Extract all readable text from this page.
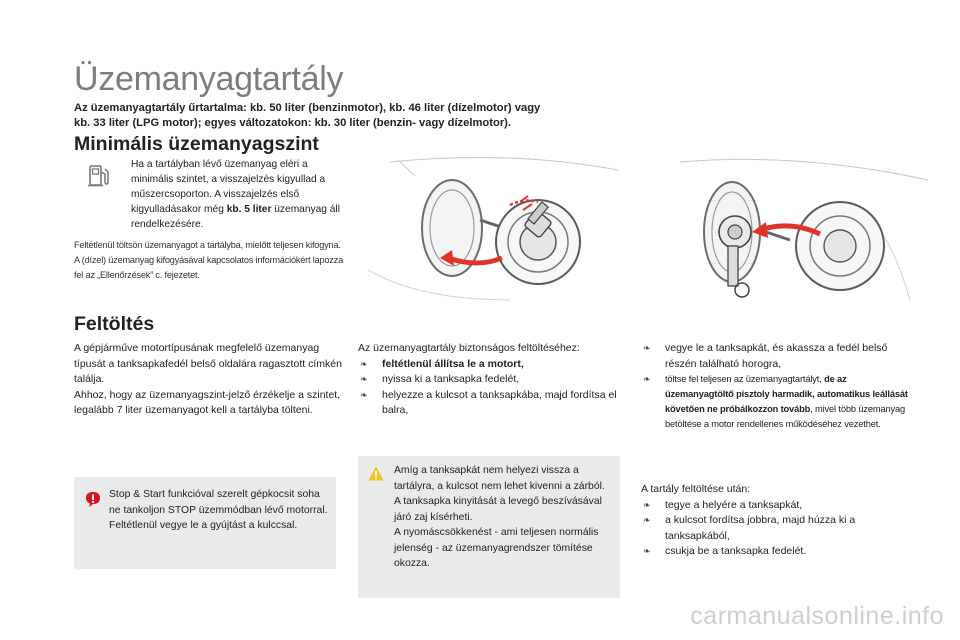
Üzemanyagtartály
Az üzemanyagtartály űrtartalma: kb. 50 liter (benzinmotor), kb. 46 liter (dízelmotor) vagy
kb. 33 liter (LPG motor); egyes változatokon: kb. 30 liter (benzin- vagy dízelmotor).
Minimális üzemanyagszint
Ha a tartályban lévő üzemanyag eléri a minimális szintet, a visszajelzés kigyullad a műszercsoporton. A visszajelzés első kigyulladásakor még kb. 5 liter üzemanyag áll rendelkezésére.
Feltétlenül töltsön üzemanyagot a tartályba, mielőtt teljesen kifogyna.
A (dízel) üzemanyag kifogyásával kapcsolatos információkért lapozza fel az „Ellenőrzések” c. fejezetet.
Feltöltés
A gépjárműve motortípusának megfelelő üzemanyag típusát a tanksapkafedél belső oldalára ragasztott címkén találja.
Ahhoz, hogy az üzemanyagszint-jelző érzékelje a szintet, legalább 7 liter üzemanyagot kell a tartályba tölteni.
Stop & Start funkcióval szerelt gépkocsit soha ne tankoljon STOP üzemmódban lévő motorral. Feltétlenül vegye le a gyújtást a kulccsal.
Az üzemanyagtartály biztonságos feltöltéséhez:
❧ feltétlenül állítsa le a motort,
❧ nyissa ki a tanksapka fedelét,
❧ helyezze a kulcsot a tanksapkába, majd fordítsa el balra,
Amíg a tanksapkát nem helyezi vissza a tartályra, a kulcsot nem lehet kivenni a zárból.
A tanksapka kinyitását a levegő beszívásával járó zaj kísérheti.
A nyomáscsökkenést - ami teljesen normális jelenség - az üzemanyagrendszer tömítése okozza.
❧ vegye le a tanksapkát, és akassza a fedél belső részén található horogra,
❧ töltse fel teljesen az üzemanyagtartályt, de az üzemanyagtöltő pisztoly harmadik, automatikus leállását követően ne próbálkozzon tovább, mivel több üzemanyag betöltése a motor rendellenes működéséhez vezethet.
A tartály feltöltése után:
❧ tegye a helyére a tanksapkát,
❧ a kulcsot fordítsa jobbra, majd húzza ki a tanksapkából,
❧ csukja be a tanksapka fedelét.
carmanualsonline.info
